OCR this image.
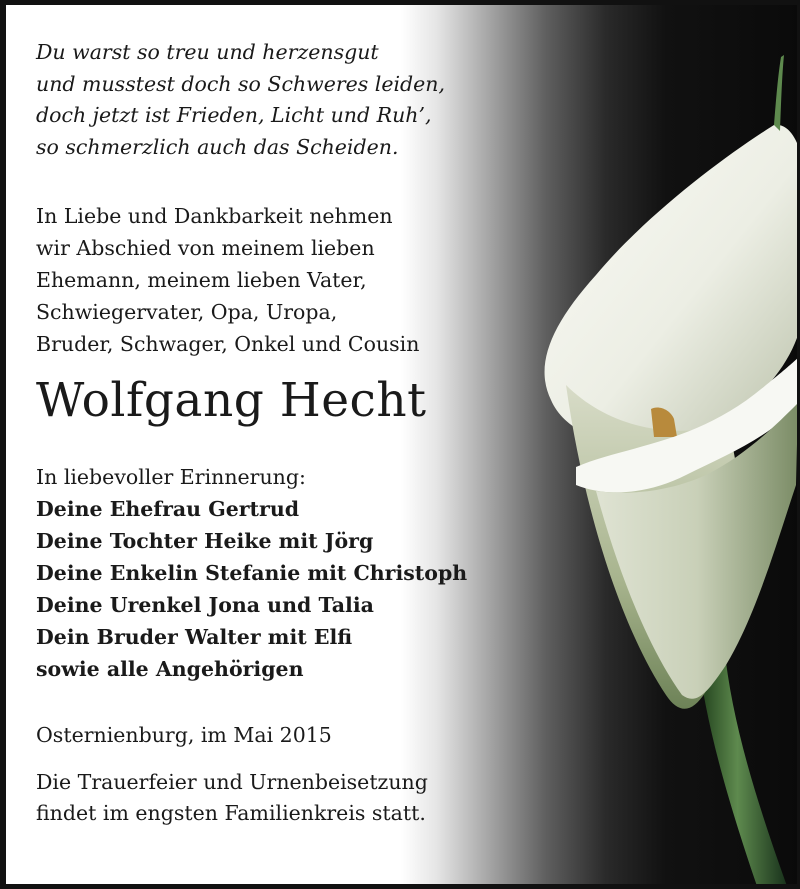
Du warst so treu und herzensgut
und musstest doch so Schweres leiden,
doch jetzt ist Frieden, Licht und Ruh’,
so schmerzlich auch das Scheiden.

In Liebe und Dankbarkeit nehmen
wir Abschied von meinem lieben
Ehemann, meinem lieben Vater,
Schwiegervater, Opa, Uropa,
Bruder, Schwager, Onkel und Cousin

Wolfgang Hecht

In liebevoller Erinnerung:

Deine Ehefrau Gertrud
Deine Tochter Heike mit Jörg
Deine Enkelin Stefanie mit Christoph
Deine Urenkel Jona und Talia
Dein Bruder Walter mit Elfi
sowie alle Angehörigen

Osternienburg, im Mai 2015

Die Trauerfeier und Urnenbeisetzung
findet im engsten Familienkreis statt.
